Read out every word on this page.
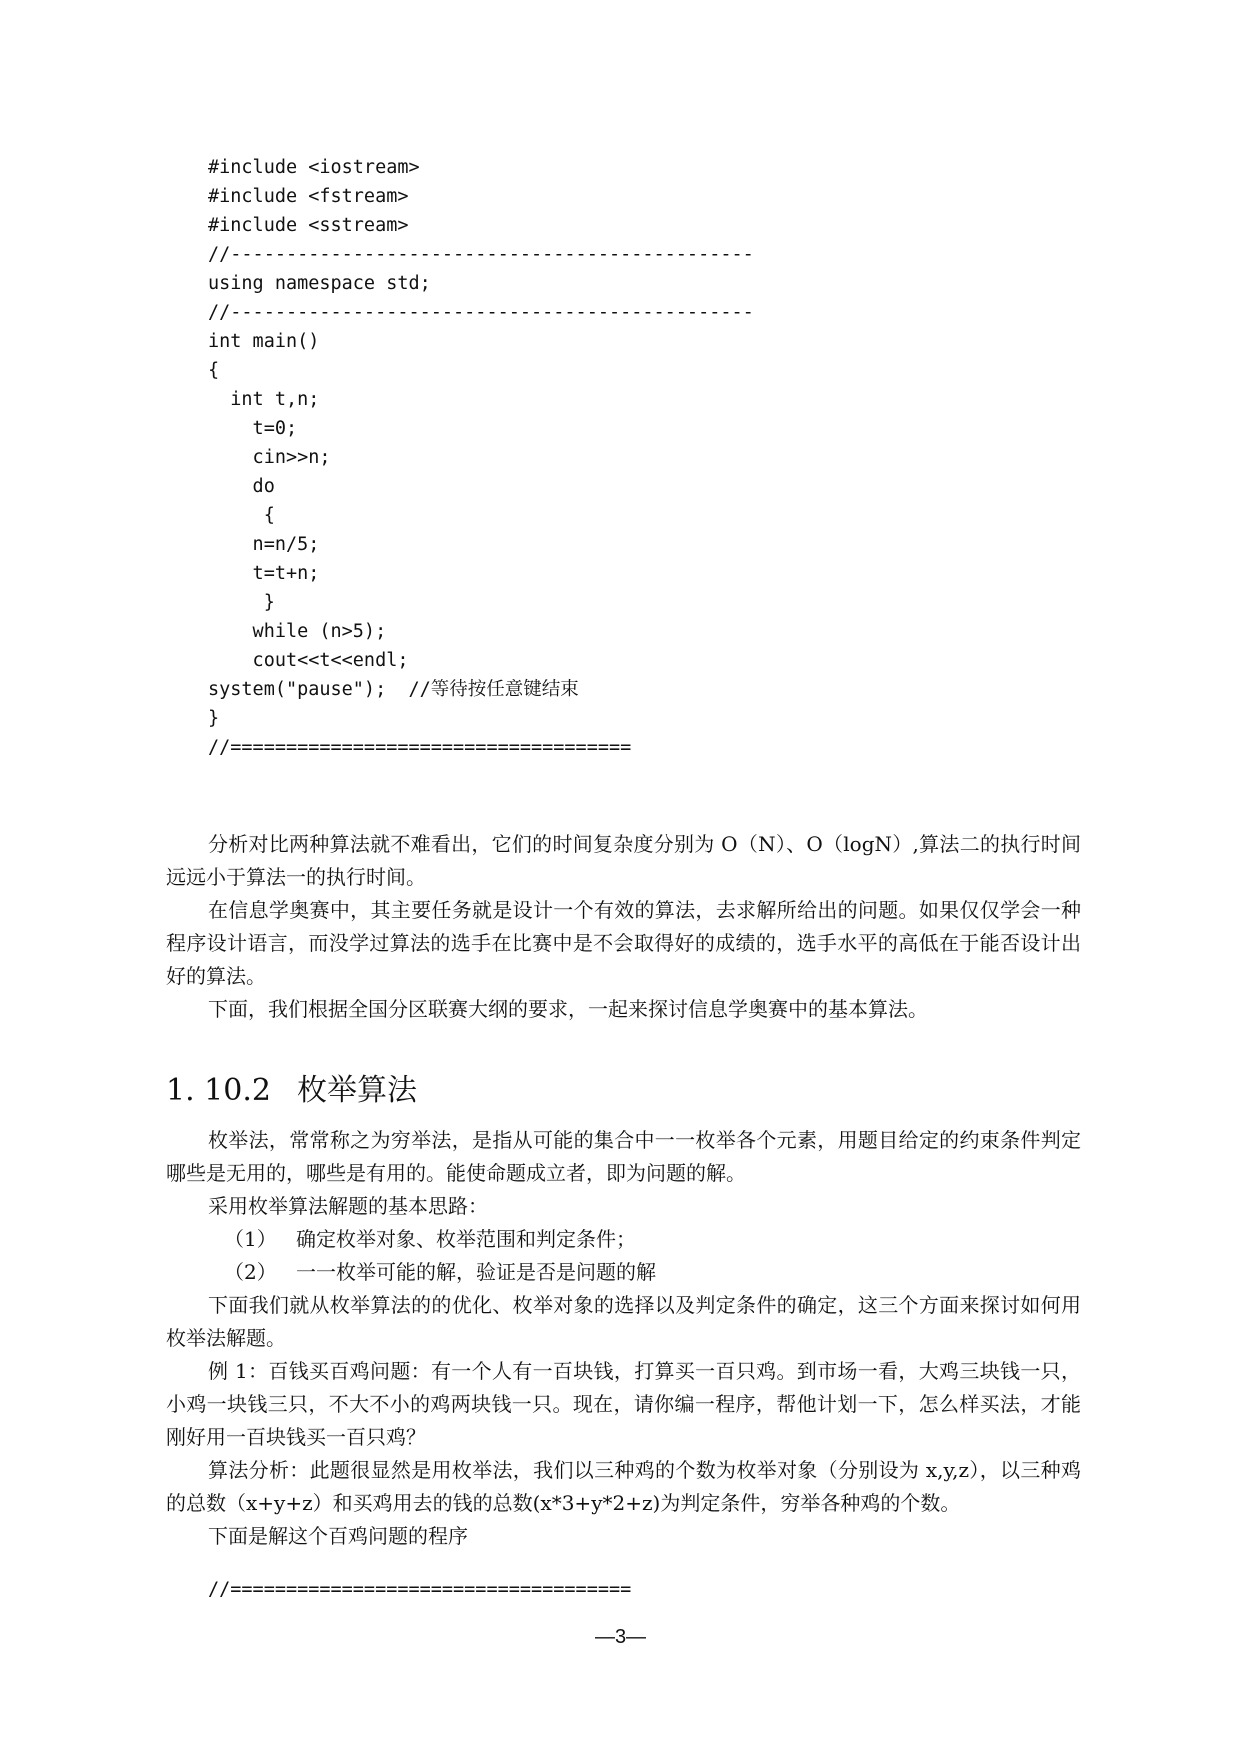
#include <iostream>
#include <fstream>
#include <sstream>
//-----------------------------------------------
using namespace std;
//-----------------------------------------------
int main()
{
int t,n;
t=0;
cin>>n;
do
{
n=n/5;
t=t+n;
}
while (n>5);
cout<<t<<endl;
system("pause");  //等待按任意键结束
}
//====================================

分析对比两种算法就不难看出，它们的时间复杂度分别为 O（N）、O（logN）,算法二的执行时间远远小于算法一的执行时间。

在信息学奥赛中，其主要任务就是设计一个有效的算法，去求解所给出的问题。如果仅仅学会一种程序设计语言，而没学过算法的选手在比赛中是不会取得好的成绩的，选手水平的高低在于能否设计出好的算法。

下面，我们根据全国分区联赛大纲的要求，一起来探讨信息学奥赛中的基本算法。

1. 10.2 枚举算法

枚举法，常常称之为穷举法，是指从可能的集合中一一枚举各个元素，用题目给定的约束条件判定哪些是无用的，哪些是有用的。能使命题成立者，即为问题的解。

采用枚举算法解题的基本思路：

（1） 确定枚举对象、枚举范围和判定条件；

（2） 一一枚举可能的解，验证是否是问题的解

下面我们就从枚举算法的的优化、枚举对象的选择以及判定条件的确定，这三个方面来探讨如何用枚举法解题。

例 1：百钱买百鸡问题：有一个人有一百块钱，打算买一百只鸡。到市场一看，大鸡三块钱一只，小鸡一块钱三只，不大不小的鸡两块钱一只。现在，请你编一程序，帮他计划一下，怎么样买法，才能刚好用一百块钱买一百只鸡？

算法分析：此题很显然是用枚举法，我们以三种鸡的个数为枚举对象（分别设为 x,y,z），以三种鸡的总数（x+y+z）和买鸡用去的钱的总数(x*3+y*2+z)为判定条件，穷举各种鸡的个数。

下面是解这个百鸡问题的程序

//====================================
—3—
